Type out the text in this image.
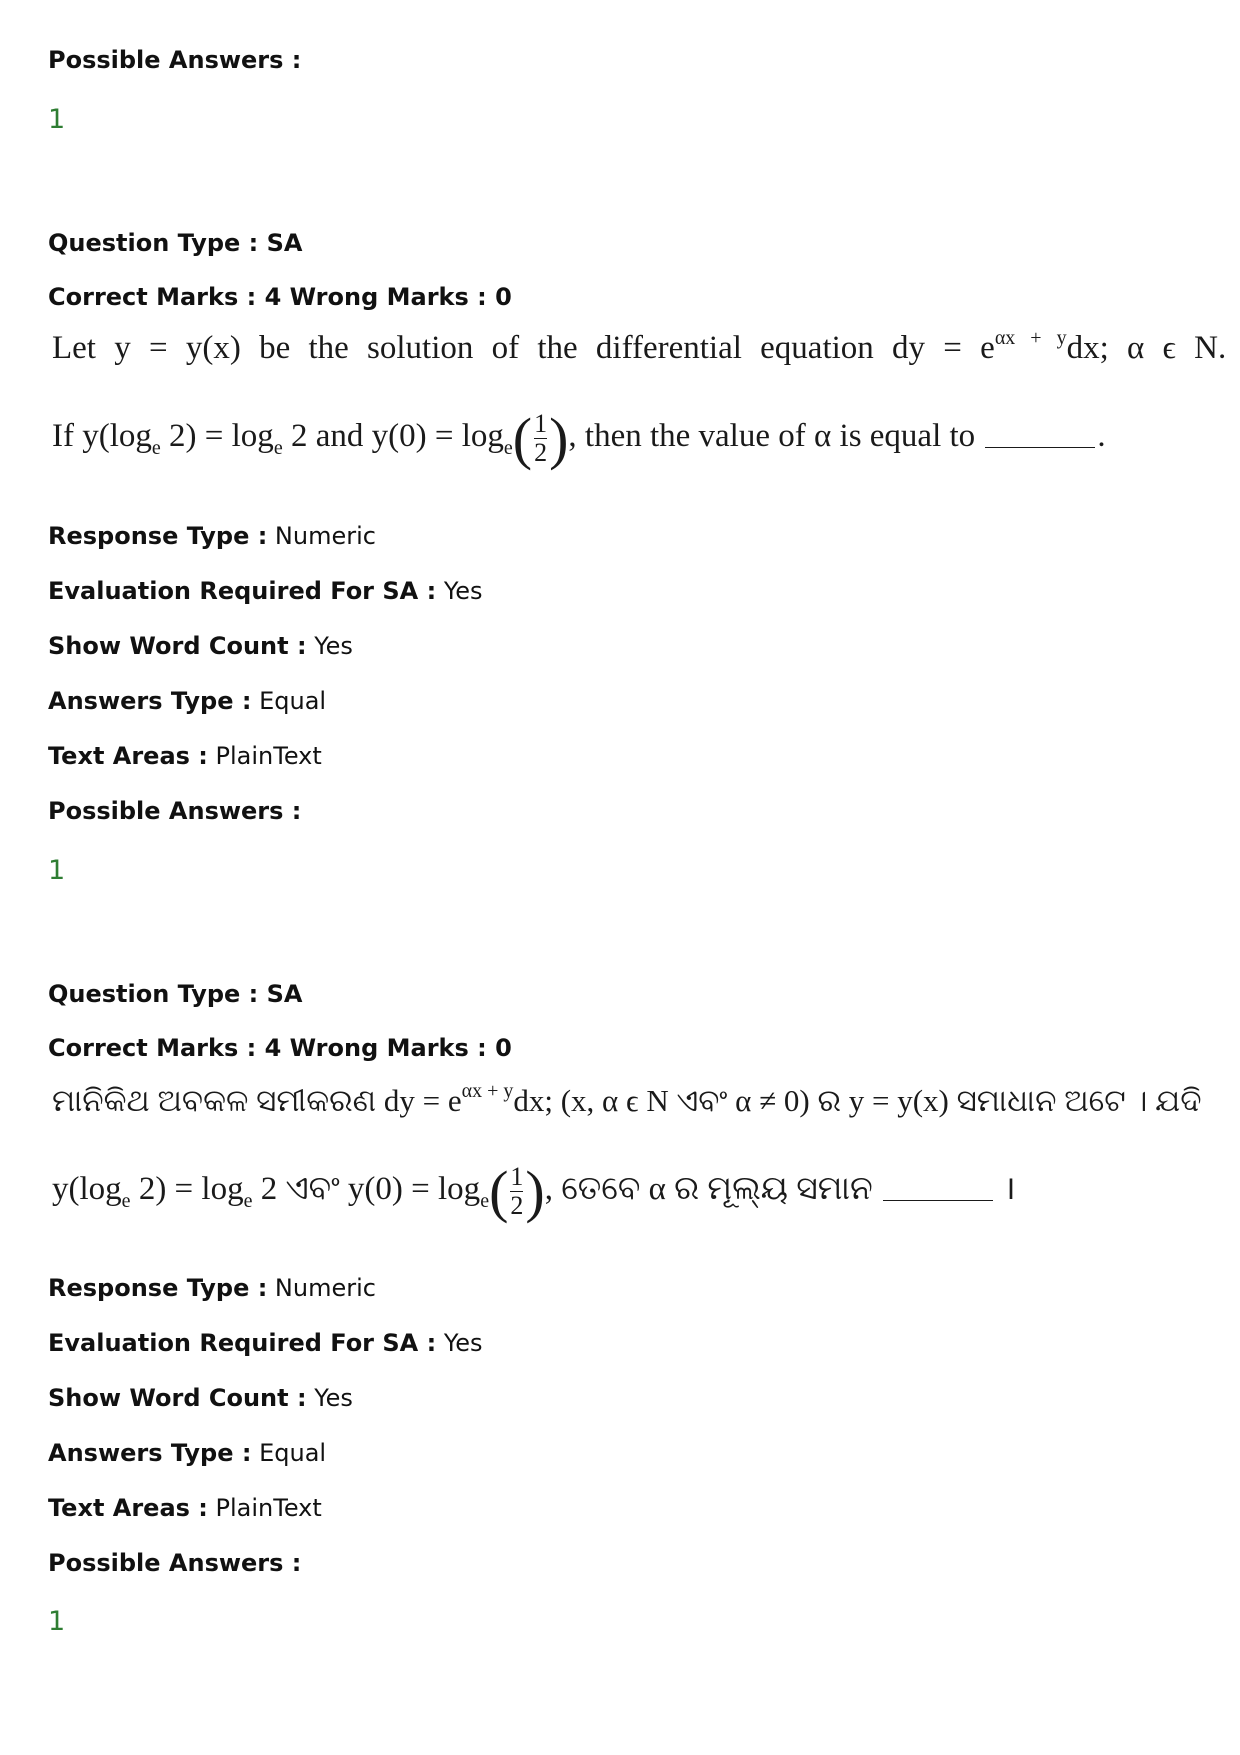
Possible Answers :
1
Question Type : SA
Correct Marks : 4 Wrong Marks : 0
Let y = y(x) be the solution of the differential equation dy = $e^{\alpha x + y}dx$; α ϵ N.
If $y(\log_e$ $2) = \log_e 2$ and $y(0) = \log_e( \frac{1}{2}$ ), then the value of α is equal to	.
Response Type : Numeric
Evaluation Required For SA : Yes
Show Word Count : Yes
Answers Type : Equal
Text Areas : PlainText
Possible Answers :
1
Question Type : SA
Correct Marks : 4 Wrong Marks : 0
ମାନିକିଥ ଅବକଳ ସମୀକରଣ dy = $e^{\alpha x + y}dx$; (x, α ϵ N ଏବଂ α ≠ 0) ର y = y(x) ସମାଧାନ ଅଟେ । ଯଦି
$y(\log_e$ $2) = \log_e 2$ ଏବଂ $y(0) = \log_e( \frac{1}{2}$ ), ତେବେ α ର ମୂଲ୍ୟ ସମାନ	।
Response Type : Numeric
Evaluation Required For SA : Yes
Show Word Count : Yes
Answers Type : Equal
Text Areas : PlainText
Possible Answers :
1
